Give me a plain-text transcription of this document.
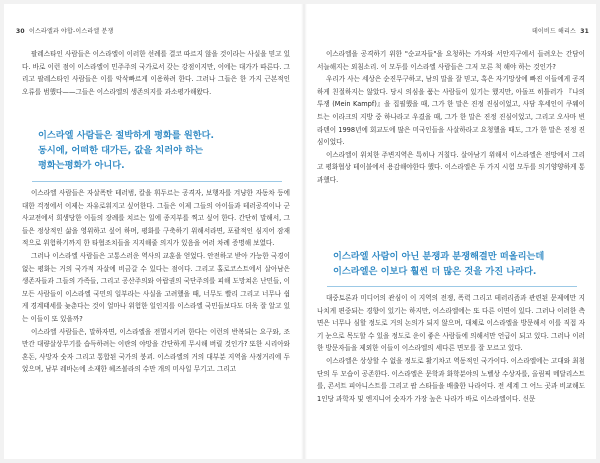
30 이스라엘과 야합-이스라엘 분쟁

팔레스타인 사람들은 이스라엘이 이러한 선례를 결코 따르지 않을 것이라는 사실을 믿고 있다. 바로 이런 점이 이스라엘이 민주주의 국가로서 갖는 강점이지만, 이에는 대가가 따른다. 그리고 팔레스타인 사람들은 이를 악삭빠르게 이용하려 한다. 그러나 그들은 한 가지 근본적인 오류를 범했다——그들은 이스라엘의 생존의지를 과소평가해왔다.

이스라엘 사람들은 절박하게 평화를 원한다.
동시에, 어떠한 대가든, 값을 치러야 하는
평화는평화가 아니다.

이스라엘 사람들은 자살폭탄 테러범, 칼을 휘두르는 공격자, 보행자를 겨냥한 자동차 등에 대한 걱정에서 이제는 자유로워지고 싶어한다. 그들은 이제 그들의 아이들과 테러공격이나 군사교전에서 희생당한 이들의 장례를 치르는 일에 종지부를 찍고 싶어 한다. 간단히 말해서, 그들은 정상적인 삶을 영위하고 싶어 하며, 평화를 구축하기 위해서라면, 포괄적인 심지어 잠재적으로 위험하기까지 한 타협조치들을 지지해줄 의지가 있음을 여러 차례 증명해 보였다.

그러나 이스라엘 사람들은 고통스러운 역사의 교훈을 얻었다. 안전하고 받아 가능한 국경이 없는 평화는 거의 국가적 자살에 비금갈 수 있다는 점이다. 그리고 홀로코스트에서 살아남은 생존자들과 그들의 가족들, 그리고 공산주의와 아랍권의 국단주의를 피해 도망쳐온 난민들, 이 모든 사람들이 이스라엘 국민의 일부라는 사실을 고려했을 때, 너무도 빨리 그리고 너무나 쉽게 경계태세를 늦춘다는 것이 얼마나 위험한 일인지를 이스라엘 국민들보다도 더욱 잘 알고 있는 이들이 또 있을까?

이스라엘 사람들은, 말하자면, 이스라엘을 전멸시키려 한다는 이런의 반복되는 요구와, 조만간 대량살상무기를 습득하려는 이란의 야망을 간단하게 무시해 버릴 것인가? 또한 시리아와 혼돈, 사망자 숫자 그리고 통합된 국가의 붕괴. 이스라엘의 거의 대부분 지역을 사정거리에 두었으며, 남부 레바논에 소재한 헤즈볼라의 수만 개의 미사일 무기고. 그리고

데이비드 해리스 31

이스라엘을 공격하기 위한 "순교자들"을 요청하는 가자와 서안지구에서 들려오는 간담이 서늘해지는 외침소리. 이 모두를 이스라엘 사람들은 그저 모른 척 해야 하는 것인가?

우리가 사는 세상은 순진무구하고, 남의 말을 잘 믿고, 혹은 자기망상에 빠진 이들에게 공격하게 친절하지는 않았다. 당시 의심을 품는 사람들이 있기는 했지만, 아돌프 히틀러가 『나의 투쟁 (Mein Kampf)』을 집필했을 때, 그가 한 말은 진정 진심이었고, 사담 후세인이 쿠웨이트는 이라크의 지방 중 하나라고 우겼을 때, 그가 한 말은 진정 진심이었고, 그리고 오사마 빈라덴이 1998년에 회교도에 많은 미국인들을 사살하라고 요청했을 때도, 그가 한 말은 진정 진심이었다.

이스라엘이 위치한 주변지역은 특히나 거칠다. 살아남기 위해서 이스라엘은 전망에서 그리고 평화협상 테이블에서 용감해야한다 했다. 이스라엘은 두 가지 시험 모두를 의기양양하게 통과했다.

이스라엘 사람이 아닌 분쟁과 분쟁해결만 떠올리는데
이스라엘은 이보다 훨씬 더 많은 것을 가진 나라다.

대중토론과 미디어의 관심이 이 지역의 전쟁, 폭력 그리고 테러리즘과 관련된 문제에만 지나치게 편중되는 경향이 있기는 하지만, 이스라엘에는 또 다른 이면이 있다. 그러나 이러한 측면은 너무나 심할 정도로 거의 논의가 되지 않으며, 대체로 이스라엘을 방문해서 이를 직접 자기 눈으로 목도할 수 있을 정도로 운이 좋은 사람들에 의해서만 언급이 되고 있다. 그러나 이러한 방문자들을 제외한 이들이 이스라엘의 세다른 면모를 잘 모르고 있다.

이스라엘은 상상할 수 없을 정도로 활기차고 역동적인 국가이다. 이스라엘에는 고대와 최첨단의 두 모습이 공존한다. 이스라엘은 문학과 화학분야의 노벨상 수상자를, 올림픽 메달리스트를, 콘서트 피아니스트를 그리고 팝 스타들을 배출한 나라이다. 전 세계 그 어느 곳과 비교해도 1인당 과학자 및 엔지니어 숫자가 가장 높은 나라가 바로 이스라엘이다. 신문
